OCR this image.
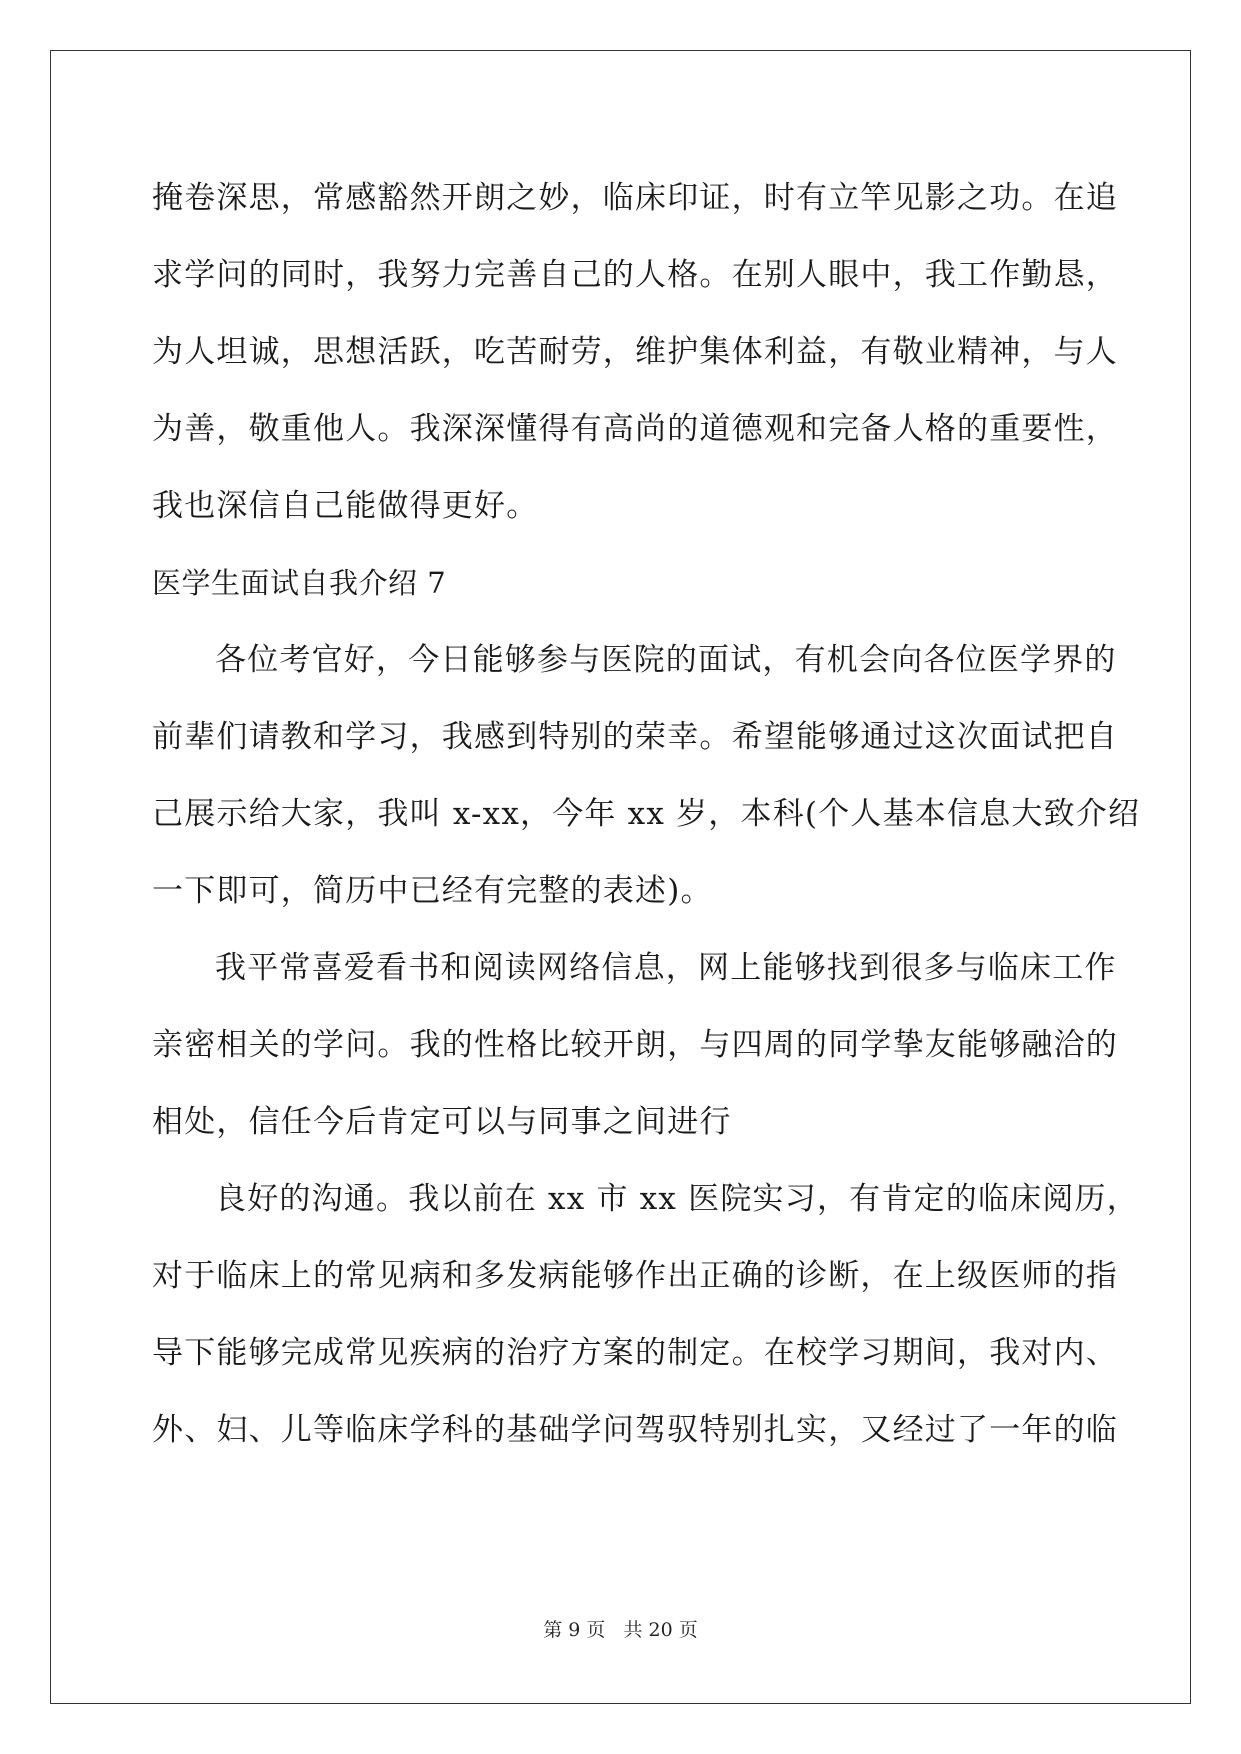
掩卷深思，常感豁然开朗之妙，临床印证，时有立竿见影之功。在追
求学问的同时，我努力完善自己的人格。在别人眼中，我工作勤恳，
为人坦诚，思想活跃，吃苦耐劳，维护集体利益，有敬业精神，与人
为善，敬重他人。我深深懂得有高尚的道德观和完备人格的重要性，
我也深信自己能做得更好。
医学生面试自我介绍 7
各位考官好，今日能够参与医院的面试，有机会向各位医学界的
前辈们请教和学习，我感到特别的荣幸。希望能够通过这次面试把自
己展示给大家，我叫 x-xx，今年 xx 岁，本科(个人基本信息大致介绍
一下即可，简历中已经有完整的表述)。
我平常喜爱看书和阅读网络信息，网上能够找到很多与临床工作
亲密相关的学问。我的性格比较开朗，与四周的同学挚友能够融洽的
相处，信任今后肯定可以与同事之间进行
良好的沟通。我以前在 xx 市 xx 医院实习，有肯定的临床阅历，
对于临床上的常见病和多发病能够作出正确的诊断，在上级医师的指
导下能够完成常见疾病的治疗方案的制定。在校学习期间，我对内、
外、妇、儿等临床学科的基础学问驾驭特别扎实，又经过了一年的临
第 9 页 共 20 页
